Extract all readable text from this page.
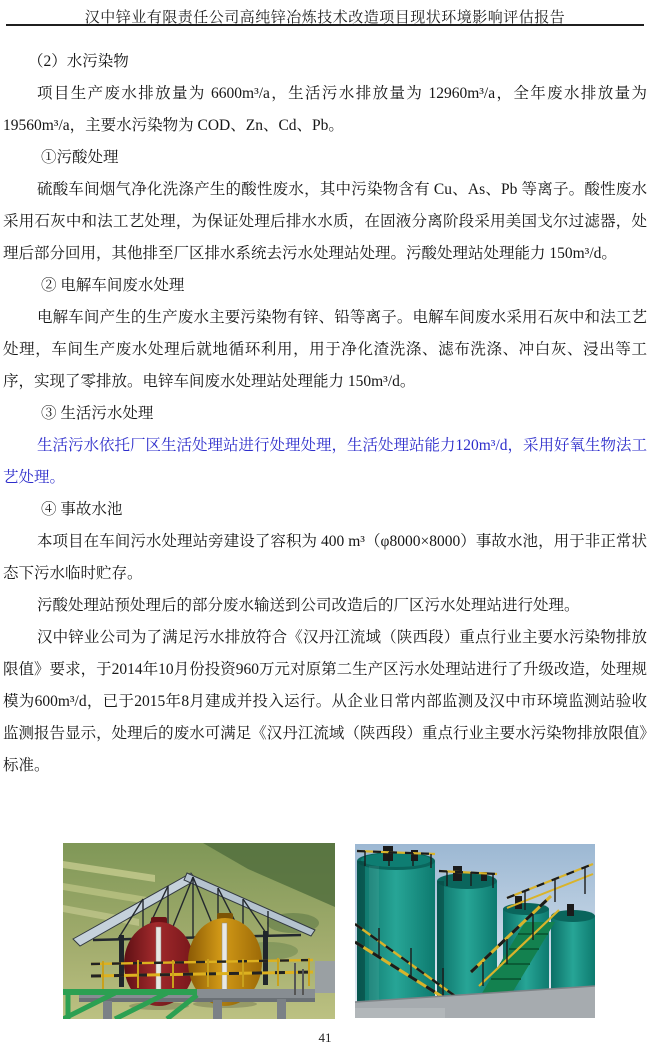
汉中锌业有限责任公司高纯锌冶炼技术改造项目现状环境影响评估报告

（2）水污染物

项目生产废水排放量为 6600m³/a，生活污水排放量为 12960m³/a，全年废水排放量为 19560m³/a，主要水污染物为 COD、Zn、Cd、Pb。

①污酸处理

硫酸车间烟气净化洗涤产生的酸性废水，其中污染物含有 Cu、As、Pb 等离子。酸性废水采用石灰中和法工艺处理，为保证处理后排水水质，在固液分离阶段采用美国戈尔过滤器，处理后部分回用，其他排至厂区排水系统去污水处理站处理。污酸处理站处理能力 150m³/d。

② 电解车间废水处理

电解车间产生的生产废水主要污染物有锌、铅等离子。电解车间废水采用石灰中和法工艺处理，车间生产废水处理后就地循环利用，用于净化渣洗涤、滤布洗涤、冲白灰、浸出等工序，实现了零排放。电锌车间废水处理站处理能力 150m³/d。

③ 生活污水处理

生活污水依托厂区生活处理站进行处理处理，生活处理站能力120m³/d，采用好氧生物法工艺处理。

④ 事故水池

本项目在车间污水处理站旁建设了容积为 400 m³（φ8000×8000）事故水池，用于非正常状态下污水临时贮存。

污酸处理站预处理后的部分废水输送到公司改造后的厂区污水处理站进行处理。

汉中锌业公司为了满足污水排放符合《汉丹江流域（陕西段）重点行业主要水污染物排放限值》要求，于2014年10月份投资960万元对原第二生产区污水处理站进行了升级改造，处理规模为600m³/d，已于2015年8月建成并投入运行。从企业日常内部监测及汉中市环境监测站验收监测报告显示，处理后的废水可满足《汉丹江流域（陕西段）重点行业主要水污染物排放限值》标准。

41
